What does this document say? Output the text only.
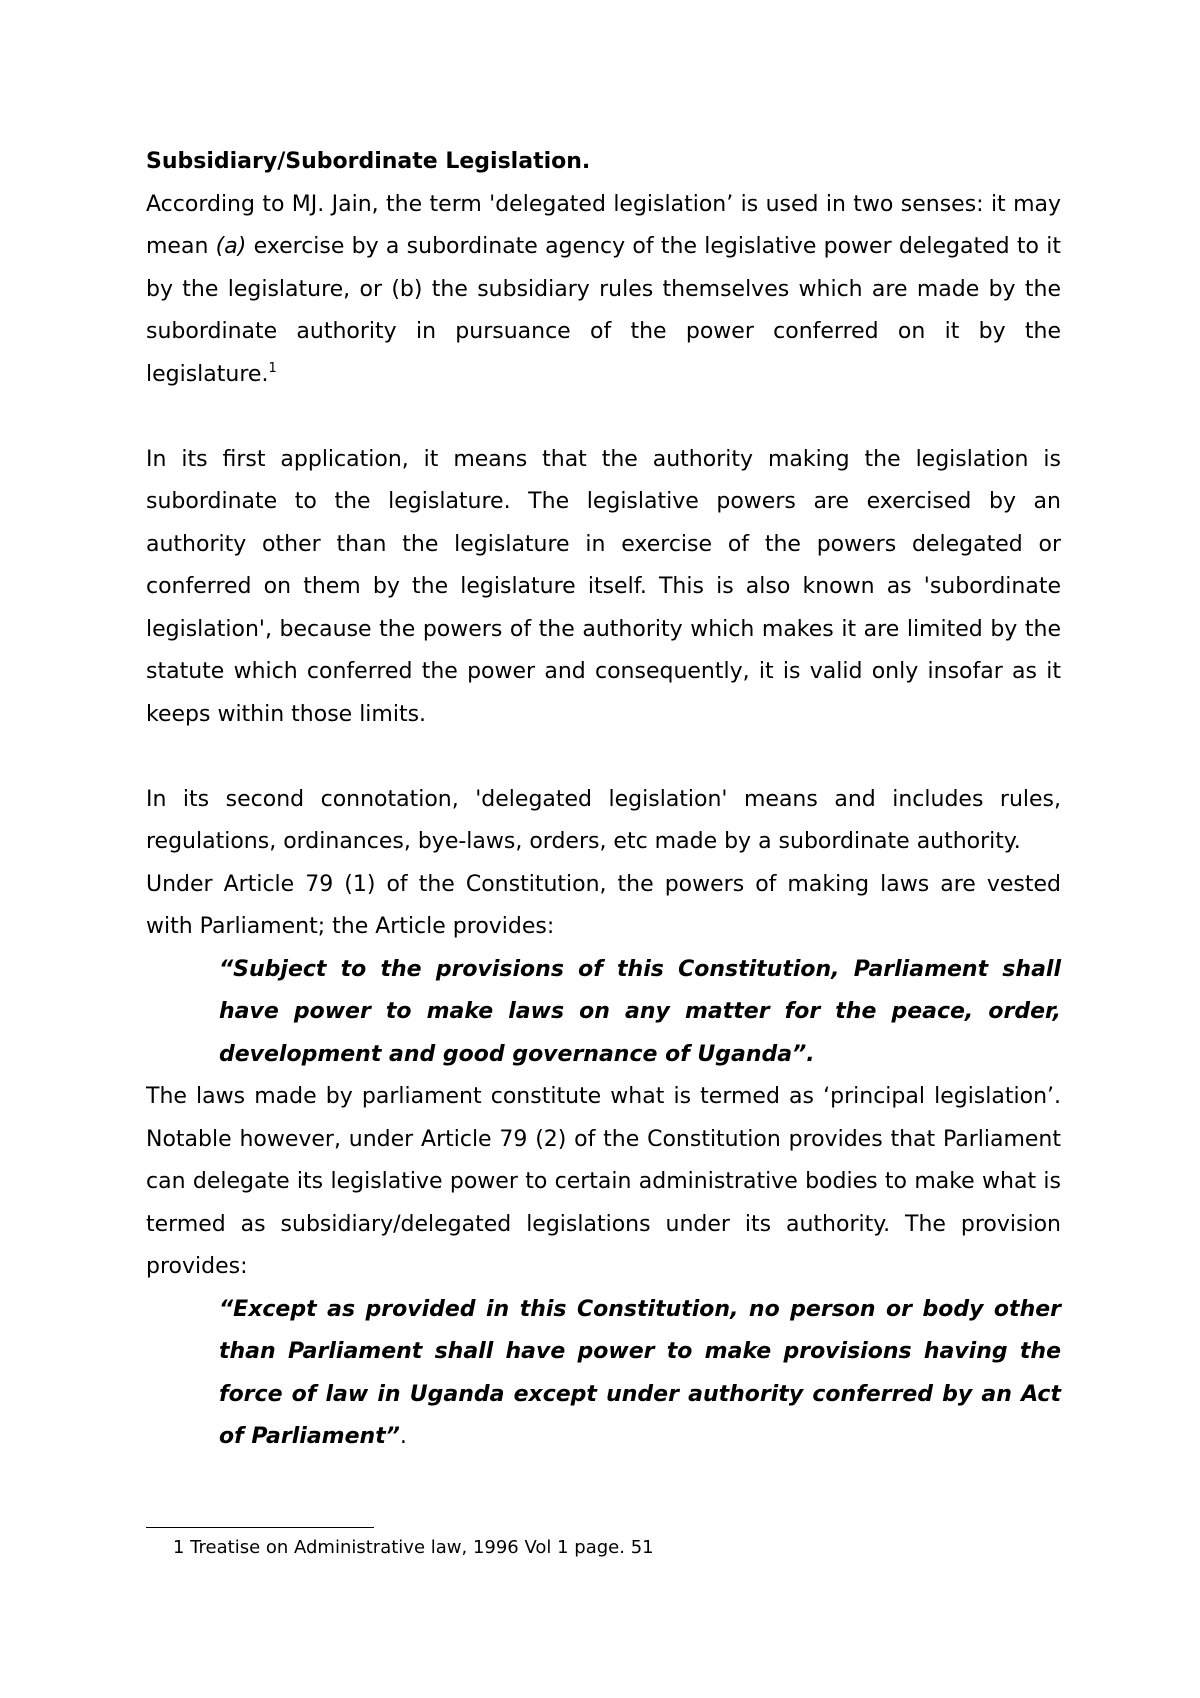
Subsidiary/Subordinate Legislation.

According to MJ. Jain, the term 'delegated legislation’ is used in two senses: it may mean (a) exercise by a subordinate agency of the legislative power delegated to it by the legislature, or (b) the subsidiary rules themselves which are made by the subordinate authority in pursuance of the power conferred on it by the legislature.$^1$

In its first application, it means that the authority making the legislation is subordinate to the legislature. The legislative powers are exercised by an authority other than the legislature in exercise of the powers delegated or conferred on them by the legislature itself. This is also known as 'subordinate legislation', because the powers of the authority which makes it are limited by the statute which conferred the power and consequently, it is valid only insofar as it keeps within those limits.

In its second connotation, 'delegated legislation' means and includes rules, regulations, ordinances, bye-laws, orders, etc made by a subordinate authority.

Under Article 79 (1) of the Constitution, the powers of making laws are vested with Parliament; the Article provides:

“Subject to the provisions of this Constitution, Parliament shall have power to make laws on any matter for the peace, order, development and good governance of Uganda”.

The laws made by parliament constitute what is termed as ‘principal legislation’. Notable however, under Article 79 (2) of the Constitution provides that Parliament can delegate its legislative power to certain administrative bodies to make what is termed as subsidiary/delegated legislations under its authority. The provision provides:

“Except as provided in this Constitution, no person or body other than Parliament shall have power to make provisions having the force of law in Uganda except under authority conferred by an Act of Parliament”.

1 Treatise on Administrative law, 1996 Vol 1 page. 51
